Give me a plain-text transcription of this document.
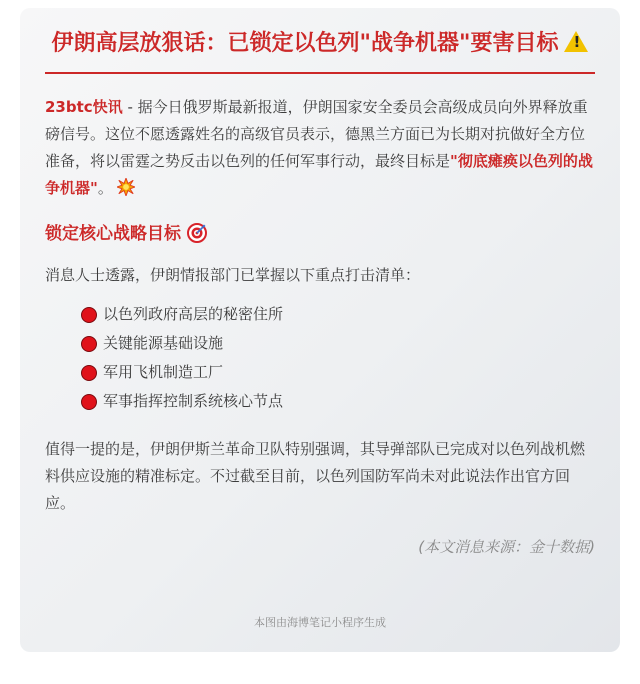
伊朗高层放狠话：已锁定以色列"战争机器"要害目标!

23btc快讯 - 据今日俄罗斯最新报道，伊朗国家安全委员会高级成员向外界释放重磅信号。这位不愿透露姓名的高级官员表示，德黑兰方面已为长期对抗做好全方位准备，将以雷霆之势反击以色列的任何军事行动，最终目标是"彻底瘫痪以色列的战争机器"。

锁定核心战略目标

消息人士透露，伊朗情报部门已掌握以下重点打击清单：

以色列政府高层的秘密住所
关键能源基础设施
军用飞机制造工厂
军事指挥控制系统核心节点

值得一提的是，伊朗伊斯兰革命卫队特别强调，其导弹部队已完成对以色列战机燃料供应设施的精准标定。不过截至目前，以色列国防军尚未对此说法作出官方回应。

(本文消息来源：金十数据)

本图由海博笔记小程序生成
